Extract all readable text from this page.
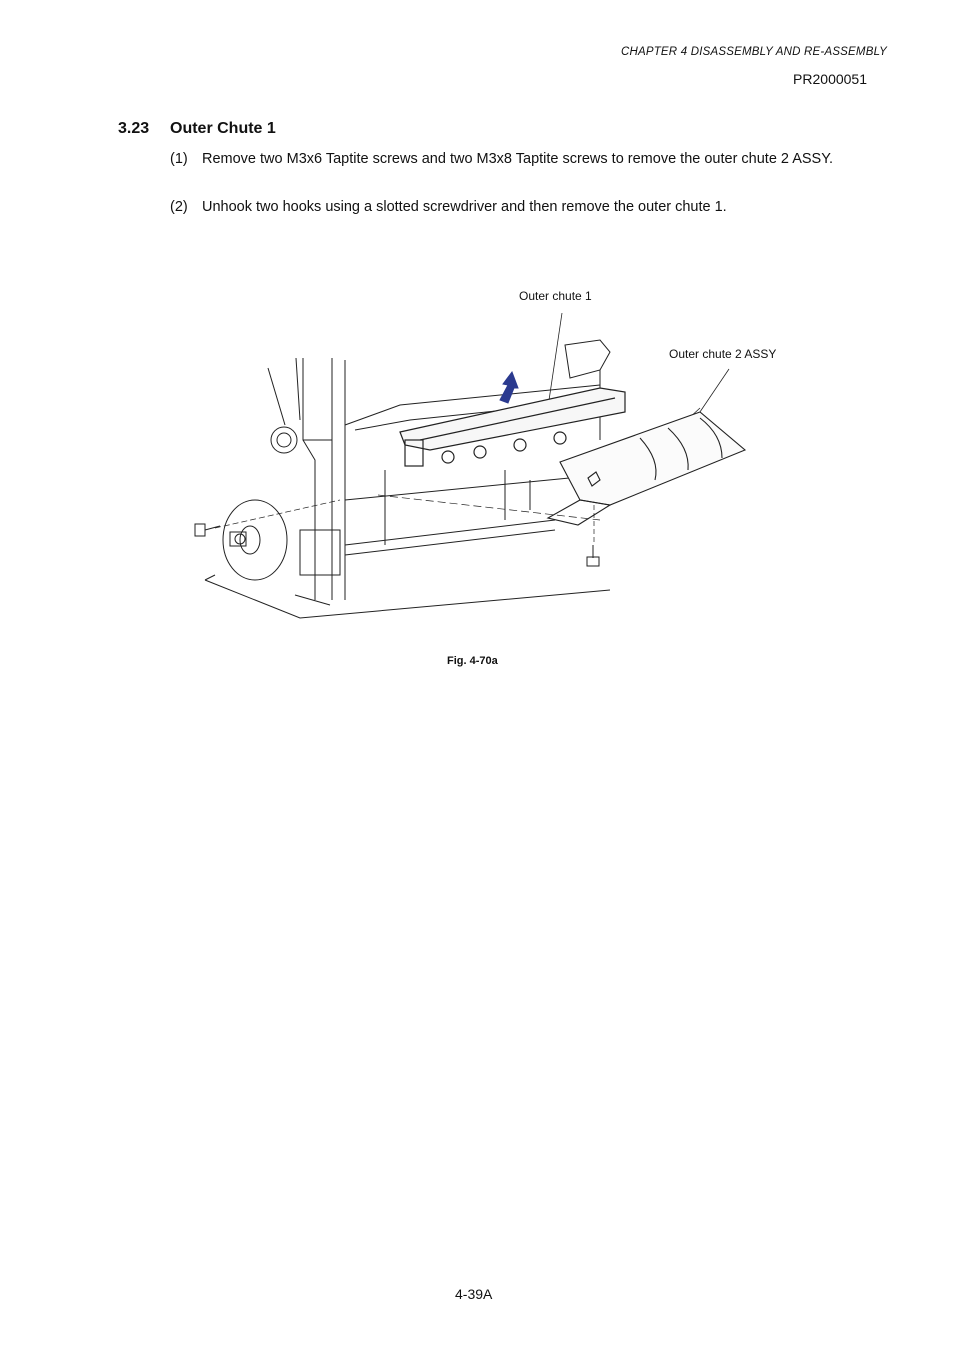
CHAPTER 4 DISASSEMBLY AND RE-ASSEMBLY
PR2000051
3.23 Outer Chute 1
(1) Remove two M3x6 Taptite screws and two M3x8 Taptite screws to remove the outer chute 2 ASSY.
(2) Unhook two hooks using a slotted screwdriver and then remove the outer chute 1.
Outer chute 1
Outer chute 2 ASSY
Fig. 4-70a
4-39A
